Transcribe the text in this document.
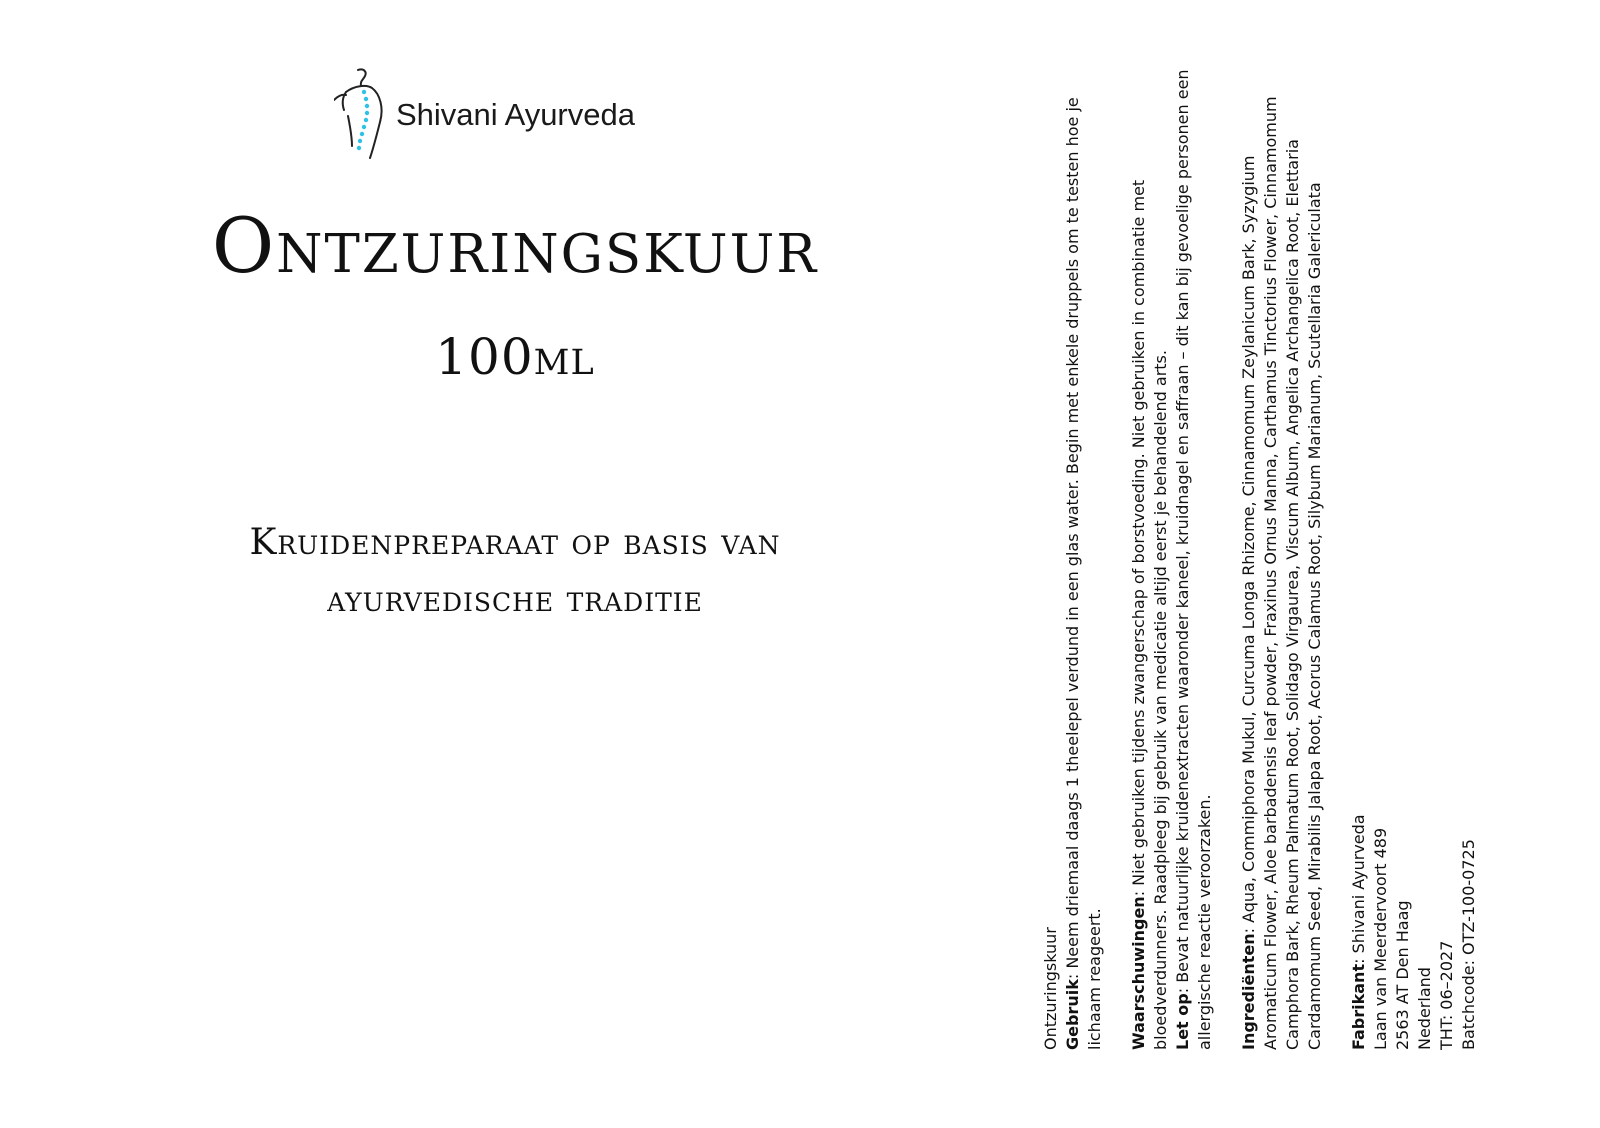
Shivani Ayurveda
Ontzuringskuur
100ml
Kruidenpreparaat op basis van
ayurvedische traditie
Ontzuringskuur Gebruik: Neem driemaal daags 1 theelepel verdund in een glas water. Begin met enkele druppels om te testen hoe je lichaam reageert. Waarschuwingen: Niet gebruiken tijdens zwangerschap of borstvoeding. Niet gebruiken in combinatie met bloedverdunners. Raadpleeg bij gebruik van medicatie altijd eerst je behandelend arts. Let op: Bevat natuurlijke kruidenextracten waaronder kaneel, kruidnagel en saffraan – dit kan bij gevoelige personen een allergische reactie veroorzaken. Ingrediënten: Aqua, Commiphora Mukul, Curcuma Longa Rhizome, Cinnamomum Zeylanicum Bark, Syzygium Aromaticum Flower, Aloe barbadensis leaf powder, Fraxinus Ornus Manna, Carthamus Tinctorius Flower, Cinnamomum Camphora Bark, Rheum Palmatum Root, Solidago Virgaurea, Viscum Album, Angelica Archangelica Root, Elettaria Cardamomum Seed, Mirabilis Jalapa Root, Acorus Calamus Root, Silybum Marianum, Scutellaria Galericulata Fabrikant: Shivani Ayurveda Laan van Meerdervoort 489 2563 AT Den Haag Nederland THT: 06–2027 Batchcode: OTZ-100-0725
